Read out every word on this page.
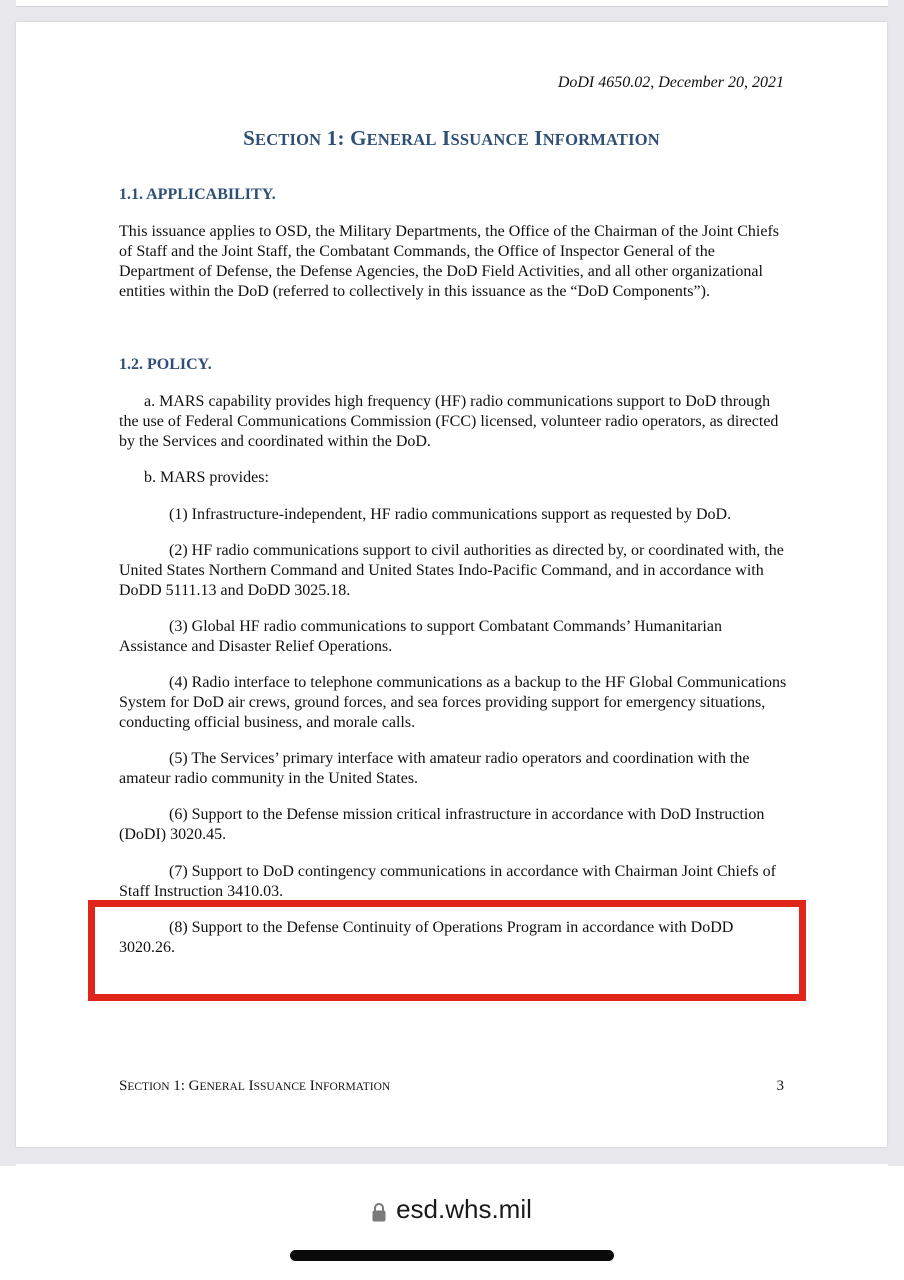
DoDI 4650.02, December 20, 2021
SECTION 1: GENERAL ISSUANCE INFORMATION
1.1. APPLICABILITY.
This issuance applies to OSD, the Military Departments, the Office of the Chairman of the Joint Chiefs of Staff and the Joint Staff, the Combatant Commands, the Office of Inspector General of the Department of Defense, the Defense Agencies, the DoD Field Activities, and all other organizational entities within the DoD (referred to collectively in this issuance as the “DoD Components”).
1.2. POLICY.
a. MARS capability provides high frequency (HF) radio communications support to DoD through the use of Federal Communications Commission (FCC) licensed, volunteer radio operators, as directed by the Services and coordinated within the DoD.
b. MARS provides:
(1) Infrastructure-independent, HF radio communications support as requested by DoD.
(2) HF radio communications support to civil authorities as directed by, or coordinated with, the United States Northern Command and United States Indo-Pacific Command, and in accordance with DoDD 5111.13 and DoDD 3025.18.
(3) Global HF radio communications to support Combatant Commands’ Humanitarian Assistance and Disaster Relief Operations.
(4) Radio interface to telephone communications as a backup to the HF Global Communications System for DoD air crews, ground forces, and sea forces providing support for emergency situations, conducting official business, and morale calls.
(5) The Services’ primary interface with amateur radio operators and coordination with the amateur radio community in the United States.
(6) Support to the Defense mission critical infrastructure in accordance with DoD Instruction (DoDI) 3020.45.
(7) Support to DoD contingency communications in accordance with Chairman Joint Chiefs of Staff Instruction 3410.03.
(8) Support to the Defense Continuity of Operations Program in accordance with DoDD 3020.26.
SECTION 1: GENERAL ISSUANCE INFORMATION	3
esd.whs.mil
